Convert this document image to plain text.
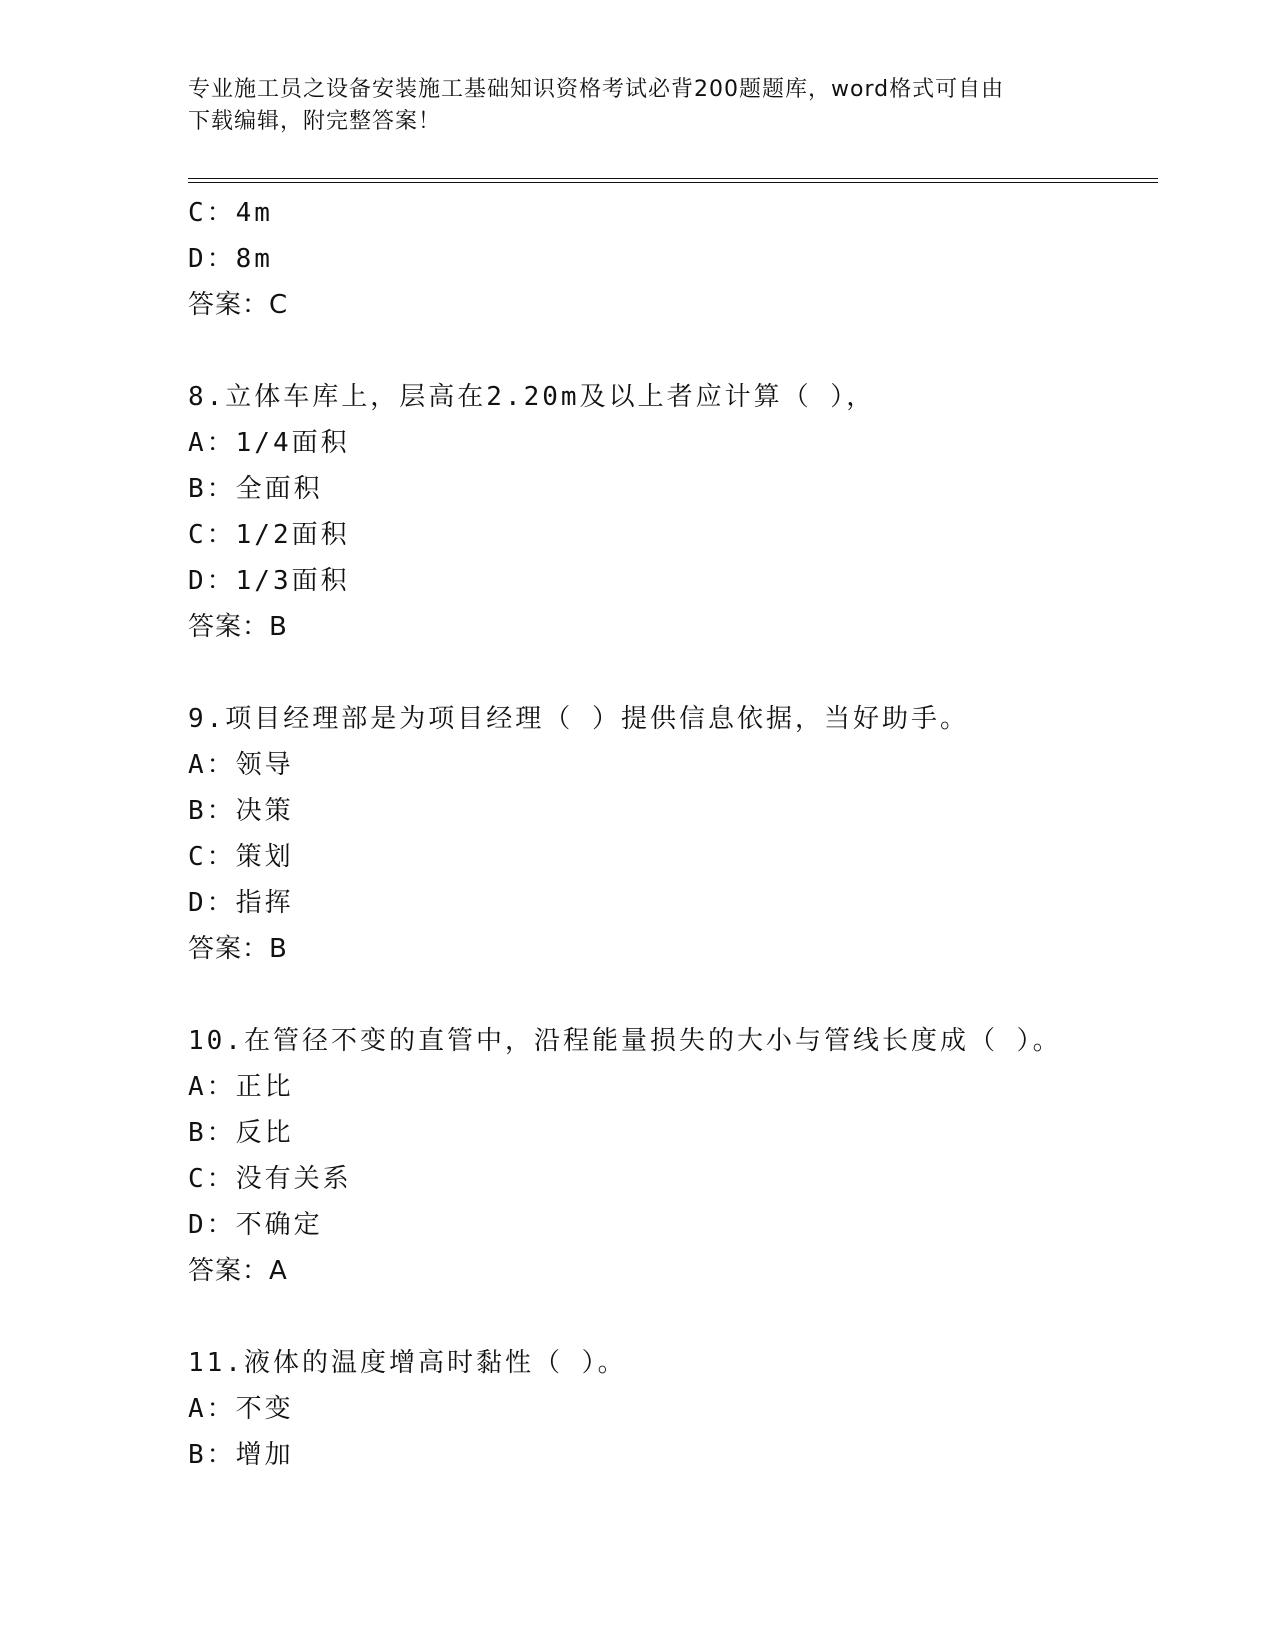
专业施工员之设备安装施工基础知识资格考试必背200题题库，word格式可自由
下载编辑，附完整答案！
C：4m
D：8m
答案：C
8.立体车库上，层高在2.20m及以上者应计算（ ），
A：1/4面积
B：全面积
C：1/2面积
D：1/3面积
答案：B
9.项目经理部是为项目经理（ ）提供信息依据，当好助手。
A：领导
B：决策
C：策划
D：指挥
答案：B
10.在管径不变的直管中，沿程能量损失的大小与管线长度成（ ）。
A：正比
B：反比
C：没有关系
D：不确定
答案：A
11.液体的温度增高时黏性（ ）。
A：不变
B：增加
